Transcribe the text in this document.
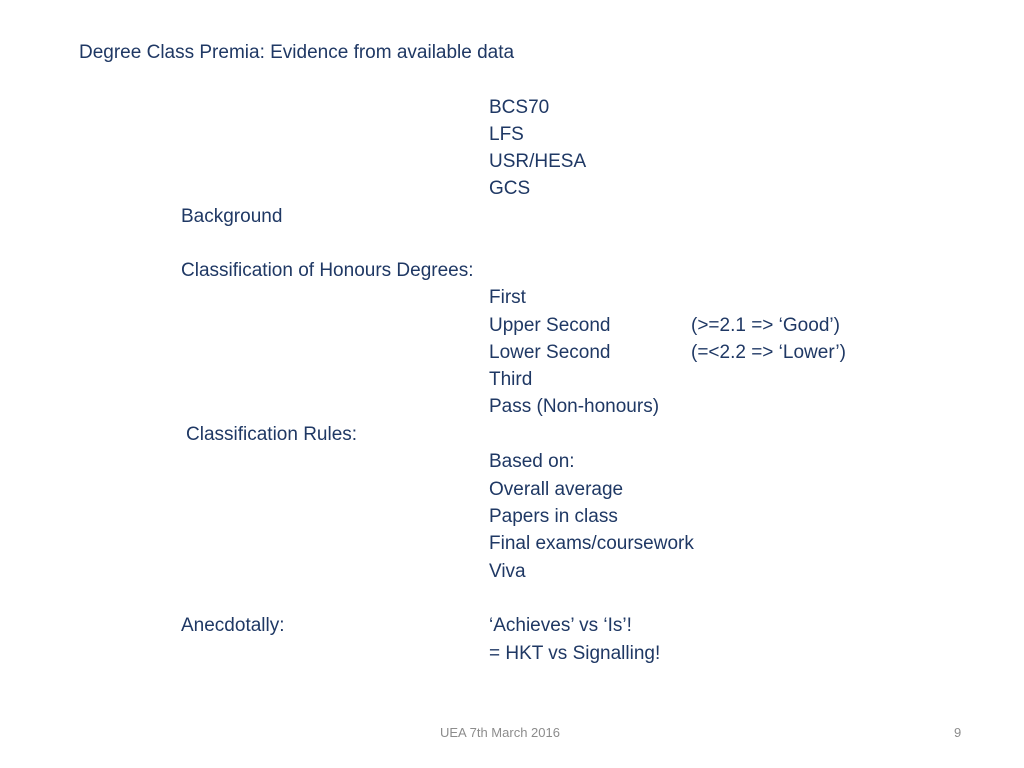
Degree Class Premia: Evidence from available data
BCS70
LFS
USR/HESA
GCS
Background
Classification of Honours Degrees:
First
Upper Second	(>=2.1 => ‘Good’)
Lower Second	(=<2.2 => ‘Lower’)
Third
Pass (Non-honours)
Classification Rules:
Based on:
Overall average
Papers in class
Final exams/coursework
Viva
Anecdotally:	‘Achieves’ vs ‘Is’!
= HKT vs Signalling!
UEA 7th March 2016	9
